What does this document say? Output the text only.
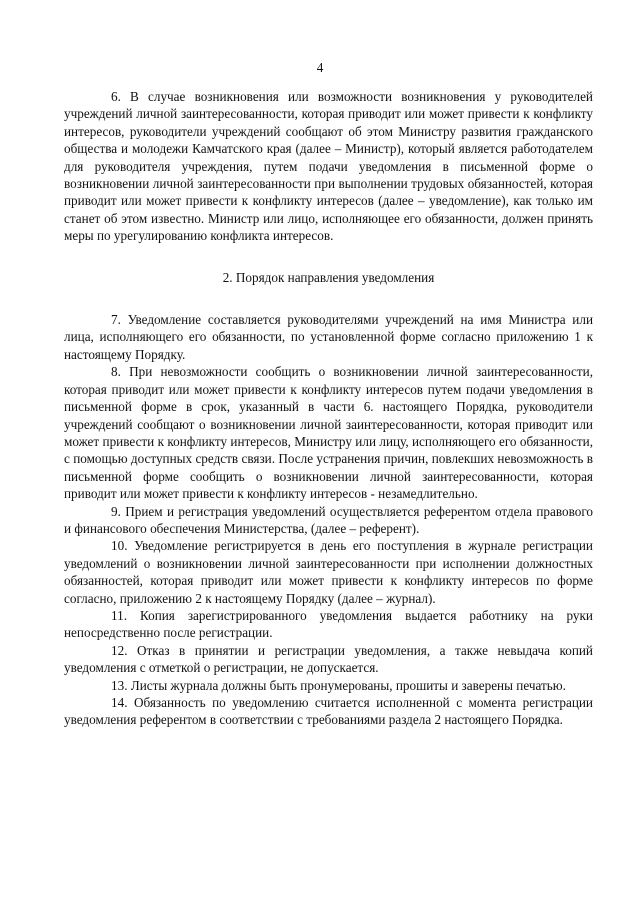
4

6. В случае возникновения или возможности возникновения у руководителей учреждений личной заинтересованности, которая приводит или может привести к конфликту интересов, руководители учреждений сообщают об этом Министру развития гражданского общества и молодежи Камчатского края (далее – Министр), который является работодателем для руководителя учреждения, путем подачи уведомления в письменной форме о возникновении личной заинтересованности при выполнении трудовых обязанностей, которая приводит или может привести к конфликту интересов (далее – уведомление), как только им станет об этом известно. Министр или лицо, исполняющее его обязанности, должен принять меры по урегулированию конфликта интересов.

2. Порядок направления уведомления

7. Уведомление составляется руководителями учреждений на имя Министра или лица, исполняющего его обязанности, по установленной форме согласно приложению 1 к настоящему Порядку.

8. При невозможности сообщить о возникновении личной заинтересованности, которая приводит или может привести к конфликту интересов путем подачи уведомления в письменной форме в срок, указанный в части 6. настоящего Порядка, руководители учреждений сообщают о возникновении личной заинтересованности, которая приводит или может привести к конфликту интересов, Министру или лицу, исполняющего его обязанности, с помощью доступных средств связи. После устранения причин, повлекших невозможность в письменной форме сообщить о возникновении личной заинтересованности, которая приводит или может привести к конфликту интересов - незамедлительно.

9. Прием и регистрация уведомлений осуществляется референтом отдела правового и финансового обеспечения Министерства, (далее – референт).

10. Уведомление регистрируется в день его поступления в журнале регистрации уведомлений о возникновении личной заинтересованности при исполнении должностных обязанностей, которая приводит или может привести к конфликту интересов по форме согласно, приложению 2 к настоящему Порядку (далее – журнал).

11. Копия зарегистрированного уведомления выдается работнику на руки непосредственно после регистрации.

12. Отказ в принятии и регистрации уведомления, а также невыдача копий уведомления с отметкой о регистрации, не допускается.

13. Листы журнала должны быть пронумерованы, прошиты и заверены печатью.

14. Обязанность по уведомлению считается исполненной с момента регистрации уведомления референтом в соответствии с требованиями раздела 2 настоящего Порядка.
